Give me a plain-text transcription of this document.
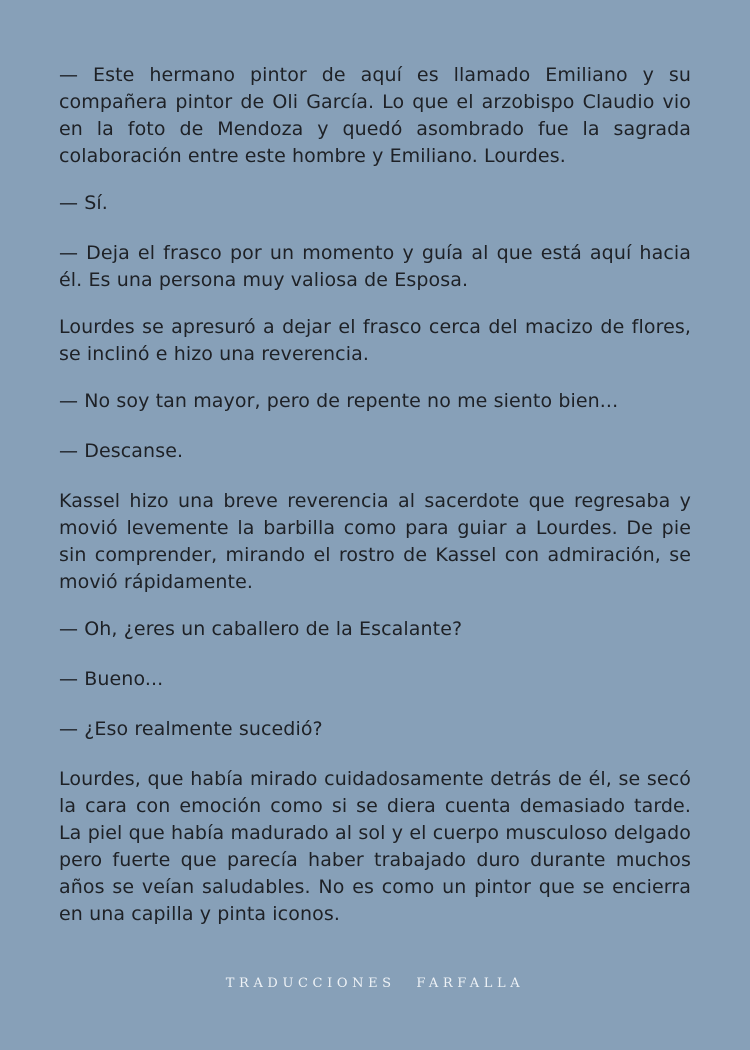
— Este hermano pintor de aquí es llamado Emiliano y su compañera pintor de Oli García. Lo que el arzobispo Claudio vio en la foto de Mendoza y quedó asombrado fue la sagrada colaboración entre este hombre y Emiliano. Lourdes.

— Sí.

— Deja el frasco por un momento y guía al que está aquí hacia él. Es una persona muy valiosa de Esposa.

Lourdes se apresuró a dejar el frasco cerca del macizo de flores, se inclinó e hizo una reverencia.

— No soy tan mayor, pero de repente no me siento bien...

— Descanse.

Kassel hizo una breve reverencia al sacerdote que regresaba y movió levemente la barbilla como para guiar a Lourdes. De pie sin comprender, mirando el rostro de Kassel con admiración, se movió rápidamente.

— Oh, ¿eres un caballero de la Escalante?

— Bueno...

— ¿Eso realmente sucedió?

Lourdes, que había mirado cuidadosamente detrás de él, se secó la cara con emoción como si se diera cuenta demasiado tarde. La piel que había madurado al sol y el cuerpo musculoso delgado pero fuerte que parecía haber trabajado duro durante muchos años se veían saludables. No es como un pintor que se encierra en una capilla y pinta iconos.

TRADUCCIONES FARFALLA
